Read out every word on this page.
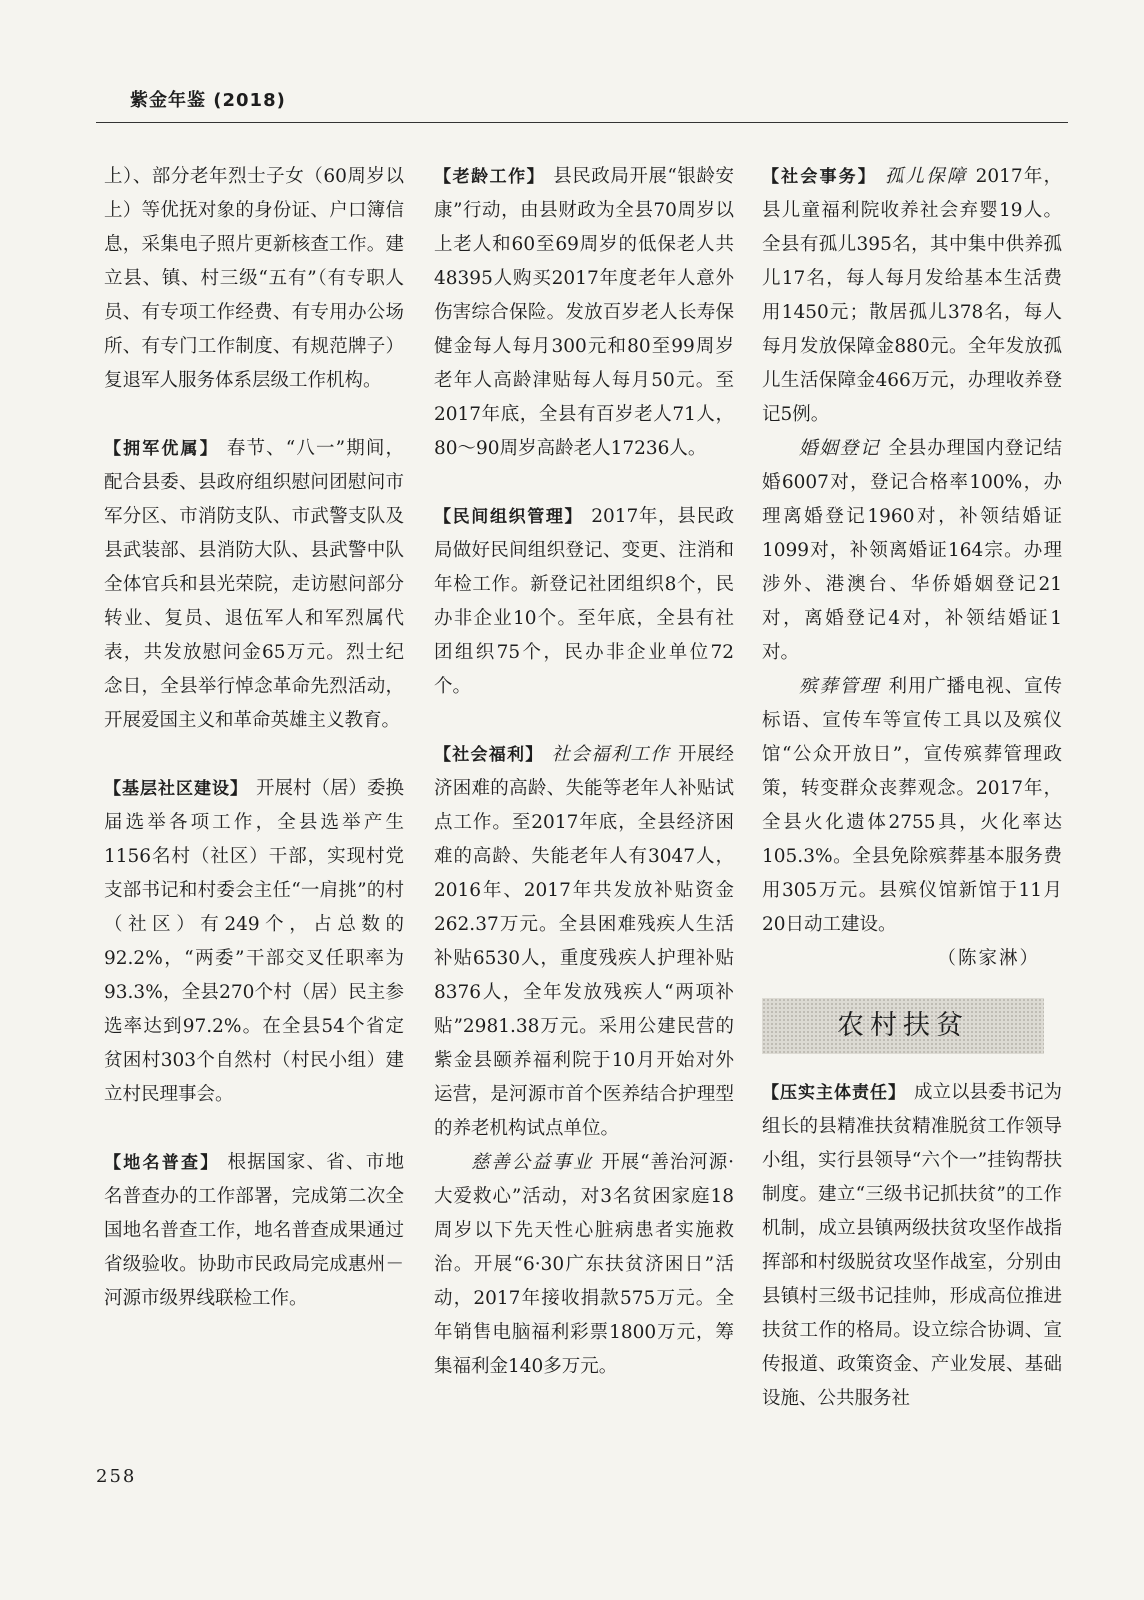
紫金年鉴 (2018)

上）、部分老年烈士子女（60周岁以上）等优抚对象的身份证、户口簿信息，采集电子照片更新核查工作。建立县、镇、村三级“五有”（有专职人员、有专项工作经费、有专用办公场所、有专门工作制度、有规范牌子）复退军人服务体系层级工作机构。

【拥军优属】 春节、“八一”期间，配合县委、县政府组织慰问团慰问市军分区、市消防支队、市武警支队及县武装部、县消防大队、县武警中队全体官兵和县光荣院，走访慰问部分转业、复员、退伍军人和军烈属代表，共发放慰问金65万元。烈士纪念日，全县举行悼念革命先烈活动，开展爱国主义和革命英雄主义教育。

【基层社区建设】 开展村（居）委换届选举各项工作，全县选举产生1156名村（社区）干部，实现村党支部书记和村委会主任“一肩挑”的村（社区）有249个，占总数的92.2%，“两委”干部交叉任职率为93.3%，全县270个村（居）民主参选率达到97.2%。在全县54个省定贫困村303个自然村（村民小组）建立村民理事会。

【地名普查】 根据国家、省、市地名普查办的工作部署，完成第二次全国地名普查工作，地名普查成果通过省级验收。协助市民政局完成惠州－河源市级界线联检工作。

【老龄工作】 县民政局开展“银龄安康”行动，由县财政为全县70周岁以上老人和60至69周岁的低保老人共48395人购买2017年度老年人意外伤害综合保险。发放百岁老人长寿保健金每人每月300元和80至99周岁老年人高龄津贴每人每月50元。至2017年底，全县有百岁老人71人，80～90周岁高龄老人17236人。

【民间组织管理】 2017年，县民政局做好民间组织登记、变更、注消和年检工作。新登记社团组织8个，民办非企业10个。至年底，全县有社团组织75个，民办非企业单位72个。

【社会福利】 社会福利工作 开展经济困难的高龄、失能等老年人补贴试点工作。至2017年底，全县经济困难的高龄、失能老年人有3047人，2016年、2017年共发放补贴资金262.37万元。全县困难残疾人生活补贴6530人，重度残疾人护理补贴8376人，全年发放残疾人“两项补贴”2981.38万元。采用公建民营的紫金县颐养福利院于10月开始对外运营，是河源市首个医养结合护理型的养老机构试点单位。

慈善公益事业 开展“善治河源·大爱救心”活动，对3名贫困家庭18周岁以下先天性心脏病患者实施救治。开展“6·30广东扶贫济困日”活动，2017年接收捐款575万元。全年销售电脑福利彩票1800万元，筹集福利金140多万元。

【社会事务】 孤儿保障 2017年，县儿童福利院收养社会弃婴19人。全县有孤儿395名，其中集中供养孤儿17名，每人每月发给基本生活费用1450元；散居孤儿378名，每人每月发放保障金880元。全年发放孤儿生活保障金466万元，办理收养登记5例。

婚姻登记 全县办理国内登记结婚6007对，登记合格率100%，办理离婚登记1960对，补领结婚证1099对，补领离婚证164宗。办理涉外、港澳台、华侨婚姻登记21对，离婚登记4对，补领结婚证1对。

殡葬管理 利用广播电视、宣传标语、宣传车等宣传工具以及殡仪馆“公众开放日”，宣传殡葬管理政策，转变群众丧葬观念。2017年，全县火化遗体2755具，火化率达105.3%。全县免除殡葬基本服务费用305万元。县殡仪馆新馆于11月20日动工建设。

（陈家淋）

农村扶贫

【压实主体责任】 成立以县委书记为组长的县精准扶贫精准脱贫工作领导小组，实行县领导“六个一”挂钩帮扶制度。建立“三级书记抓扶贫”的工作机制，成立县镇两级扶贫攻坚作战指挥部和村级脱贫攻坚作战室，分别由县镇村三级书记挂帅，形成高位推进扶贫工作的格局。设立综合协调、宣传报道、政策资金、产业发展、基础设施、公共服务社

258
